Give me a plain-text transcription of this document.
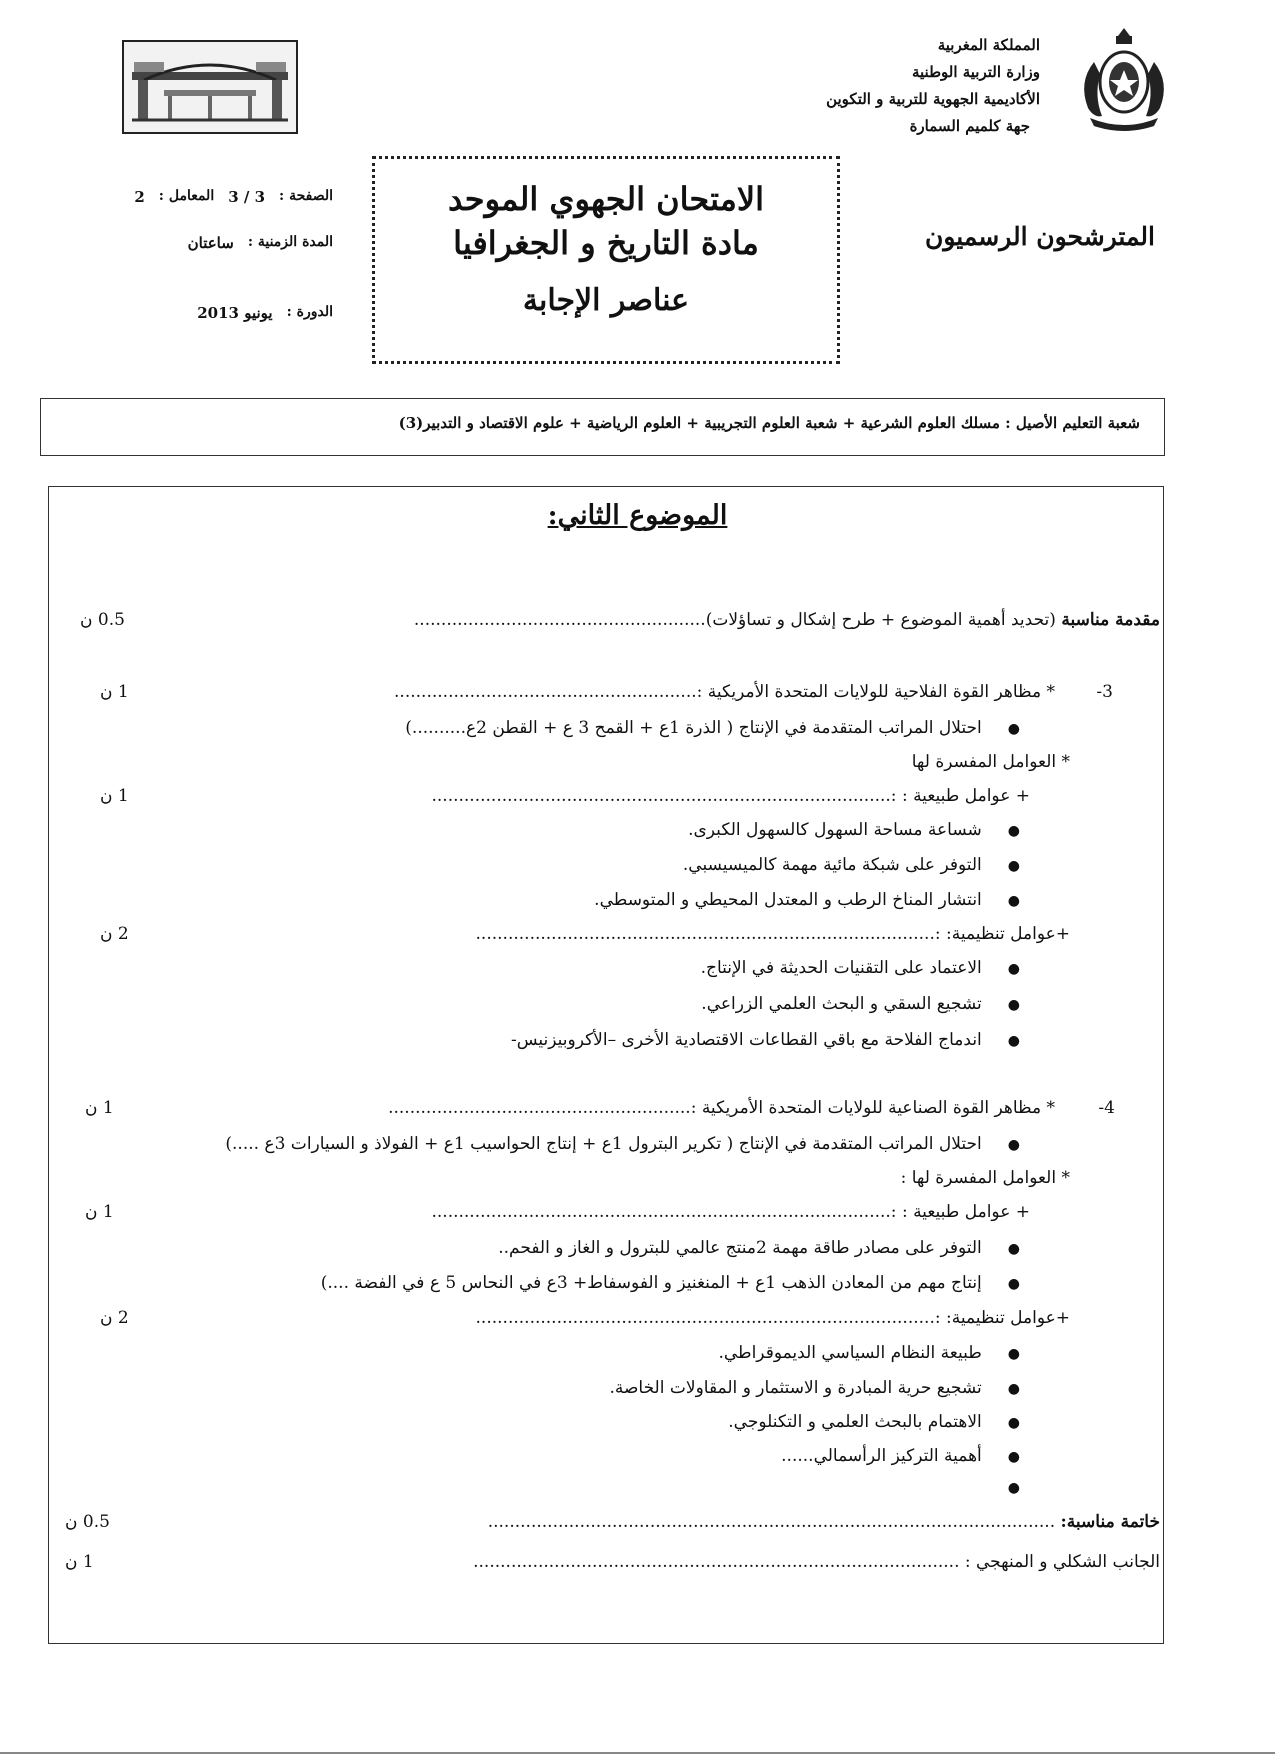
المملكة المغربية
وزارة التربية الوطنية
الأكاديمية الجهوية للتربية و التكوين
جهة كلميم السمارة
الامتحان الجهوي الموحد
مادة التاريخ و الجغرافيا
عناصر الإجابة
المترشحون الرسميون
الصفحة :
3 / 3
المعامل :
2
المدة الزمنية :
ساعتان
الدورة :
يونيو 2013
شعبة التعليم الأصيل : مسلك العلوم الشرعية + شعبة العلوم التجريبية + العلوم الرياضية + علوم الاقتصاد و التدبير(3)
الموضوع الثاني:
مقدمة مناسبة (تحديد أهمية الموضوع + طرح إشكال و تساؤلات)......................................................
0.5 ن
3-
* مظاهر القوة الفلاحية للولايات المتحدة الأمريكية :........................................................
1 ن
●
احتلال المراتب المتقدمة في الإنتاج ( الذرة 1ع + القمح 3 ع + القطن 2ع..........)
* العوامل المفسرة لها
+ عوامل طبيعية : :.....................................................................................
1 ن
●
شساعة مساحة السهول كالسهول الكبرى.
●
التوفر على شبكة مائية مهمة كالميسيسبي.
●
انتشار المناخ الرطب و المعتدل المحيطي و المتوسطي.
+عوامل تنظيمية: :.....................................................................................
2 ن
●
الاعتماد على التقنيات الحديثة في الإنتاج.
●
تشجيع السقي و البحث العلمي الزراعي.
●
اندماج الفلاحة مع باقي القطاعات الاقتصادية الأخرى –الأكروبيزنيس-
4-
* مظاهر القوة الصناعية للولايات المتحدة الأمريكية :........................................................
1 ن
●
احتلال المراتب المتقدمة في الإنتاج ( تكرير البترول 1ع + إنتاج الحواسيب 1ع + الفولاذ و السيارات 3ع .....)
* العوامل المفسرة لها :
+ عوامل طبيعية : :.....................................................................................
1 ن
●
التوفر على مصادر طاقة مهمة 2منتج عالمي للبترول و الغاز و الفحم..
●
إنتاج مهم من المعادن الذهب 1ع + المنغنيز و الفوسفاط+ 3ع في النحاس 5 ع في الفضة ....)
+عوامل تنظيمية: :.....................................................................................
2 ن
●
طبيعة النظام السياسي الديموقراطي.
●
تشجيع حرية المبادرة و الاستثمار و المقاولات الخاصة.
●
الاهتمام بالبحث العلمي و التكنلوجي.
●
أهمية التركيز الرأسمالي......
●
خاتمة مناسبة: .........................................................................................................
0.5 ن
الجانب الشكلي و المنهجي : ..........................................................................................
1 ن
